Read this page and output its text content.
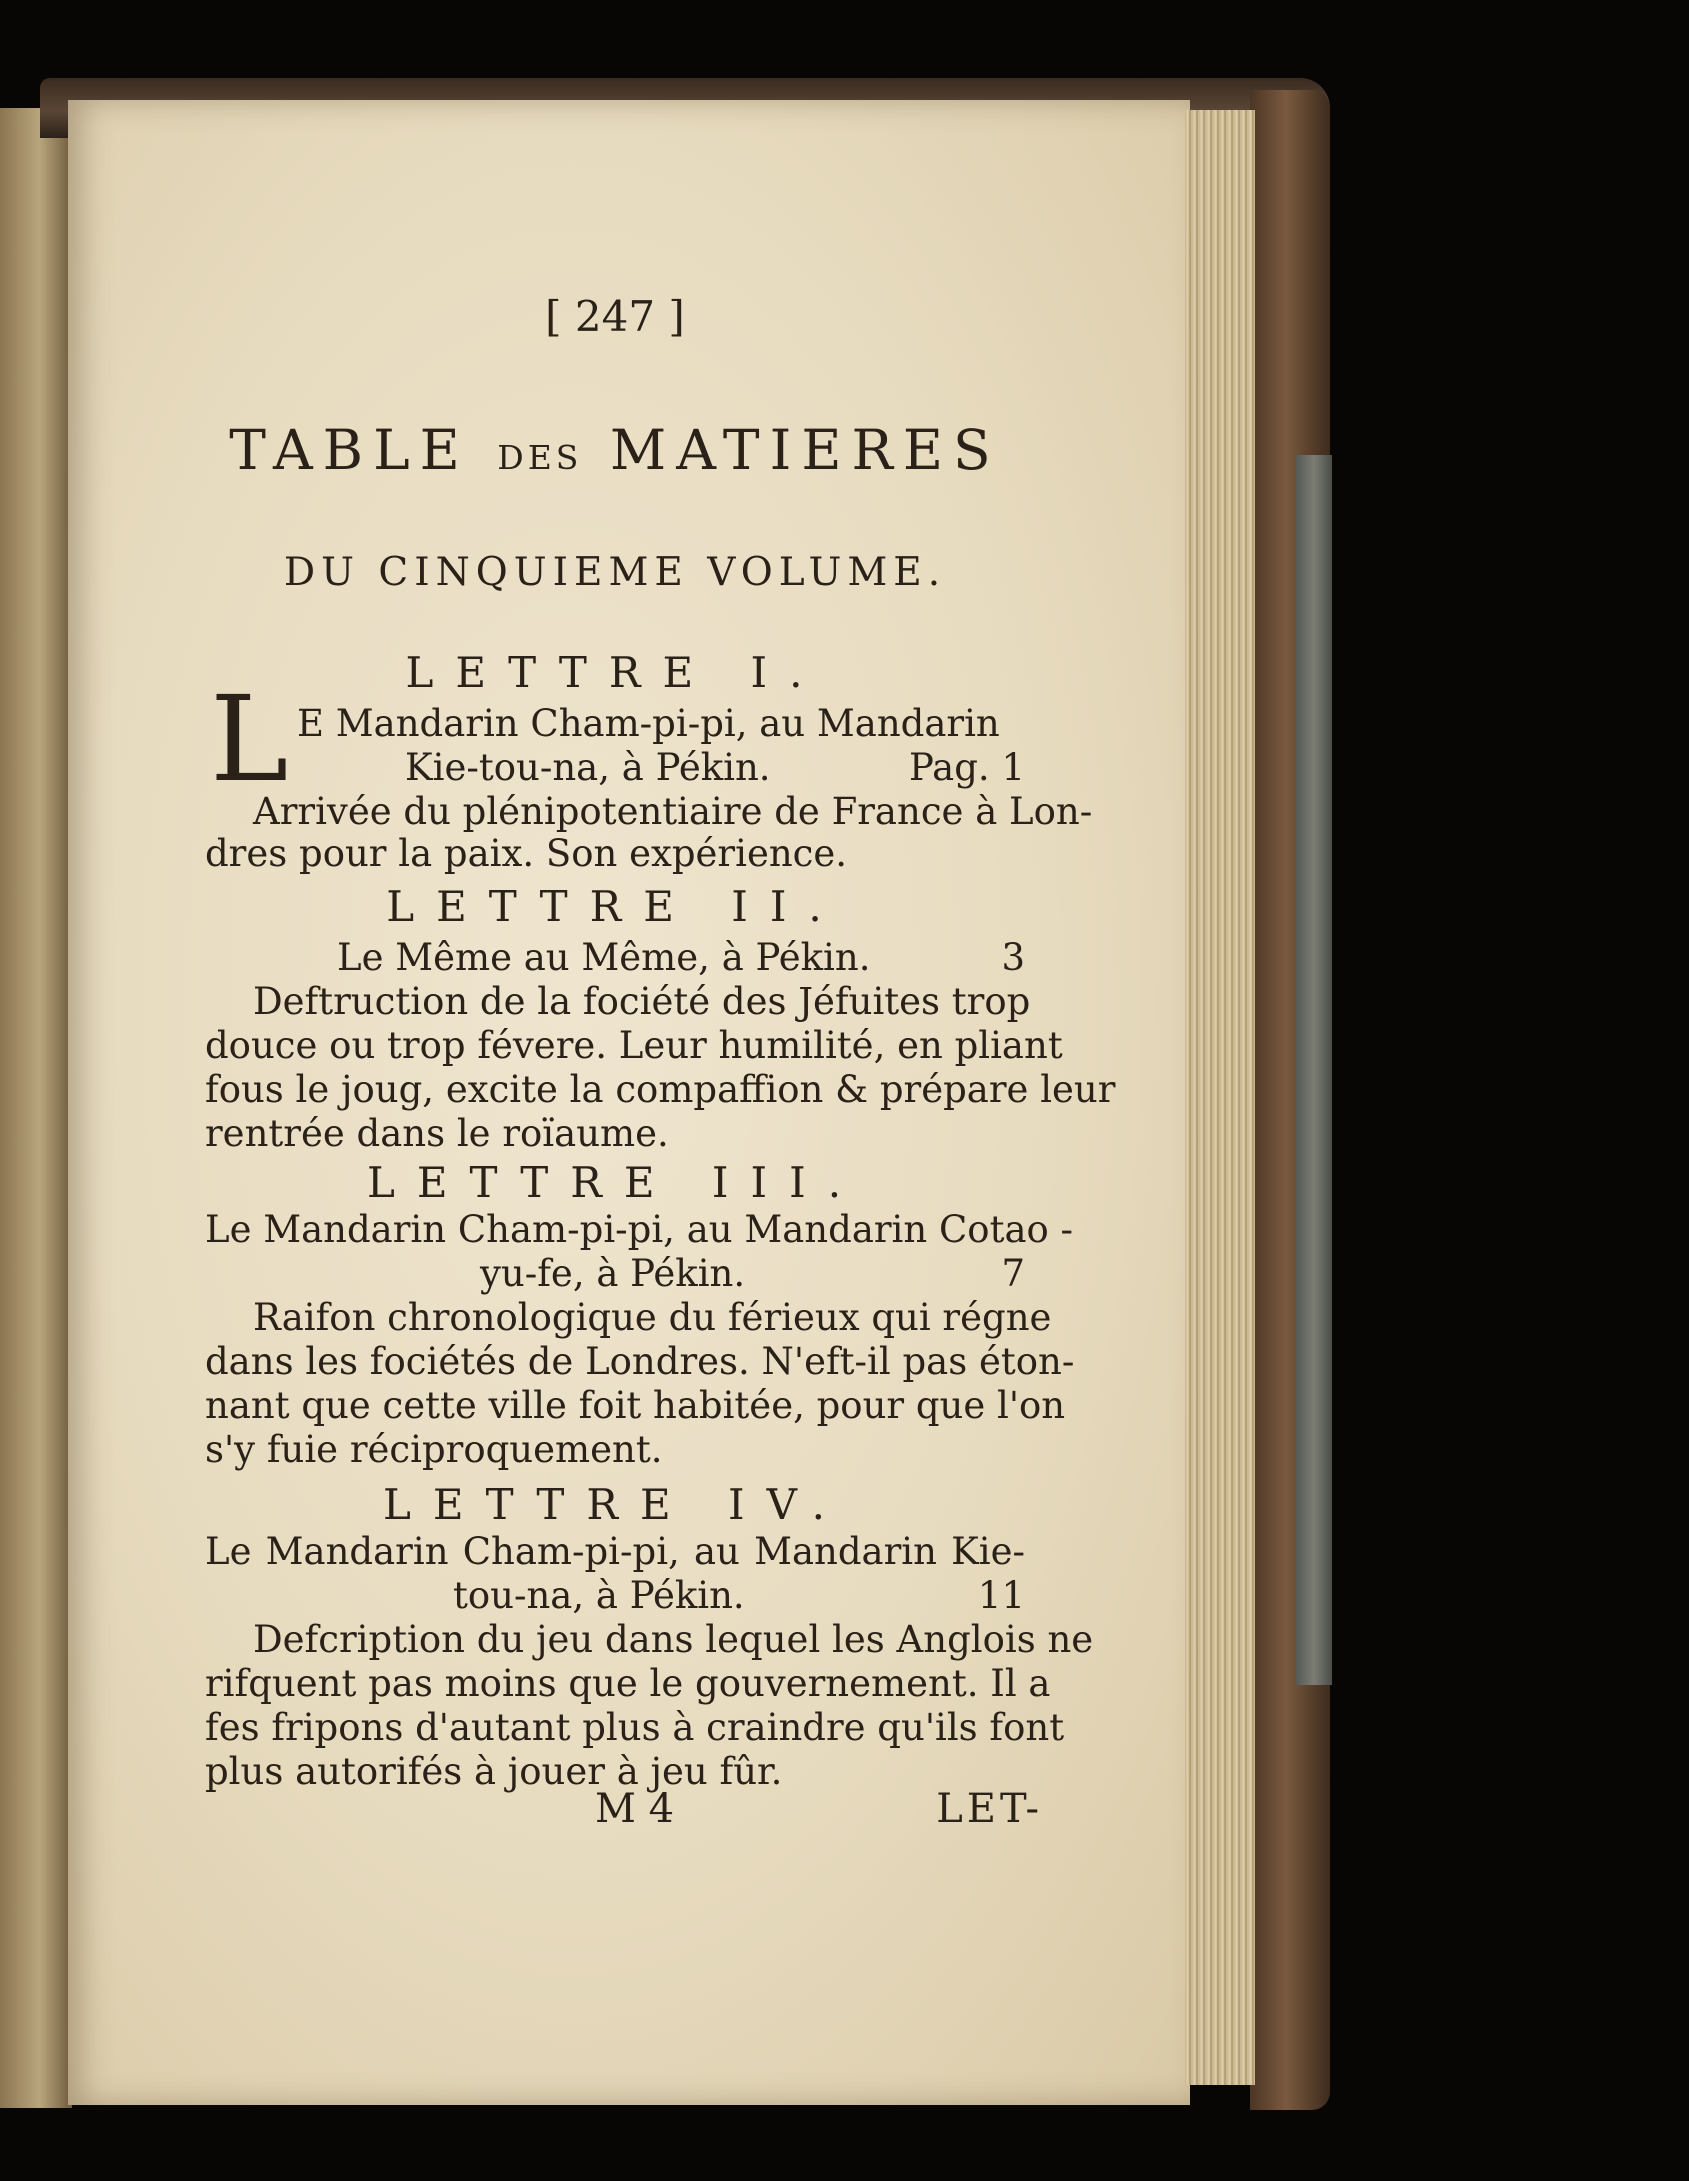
[ 247 ]
TABLE DES MATIERES
DU CINQUIEME VOLUME.
LETTRE I.
L E Mandarin Cham-pi-pi, au Mandarin
Kie-tou-na, à Pékin.	Pag. 1
Arrivée du plénipotentiaire de France à Lon-
dres pour la paix. Son expérience.
LETTRE II.
Le Même au Même, à Pékin.	3
Deftruction de la fociété des Jéfuites trop
douce ou trop févere. Leur humilité, en pliant
fous le joug, excite la compaffion & prépare leur
rentrée dans le roïaume.
LETTRE III.
Le Mandarin Cham-pi-pi, au Mandarin Cotao -
yu-fe, à Pékin.	7
Raifon chronologique du férieux qui régne
dans les fociétés de Londres. N'eft-il pas éton-
nant que cette ville foit habitée, pour que l'on
s'y fuie réciproquement.
LETTRE IV.
Le Mandarin Cham-pi-pi, au Mandarin Kie-
tou-na, à Pékin.	11
Defcription du jeu dans lequel les Anglois ne
rifquent pas moins que le gouvernement. Il a
fes fripons d'autant plus à craindre qu'ils font
plus autorifés à jouer à jeu fûr.
M 4	LET-
